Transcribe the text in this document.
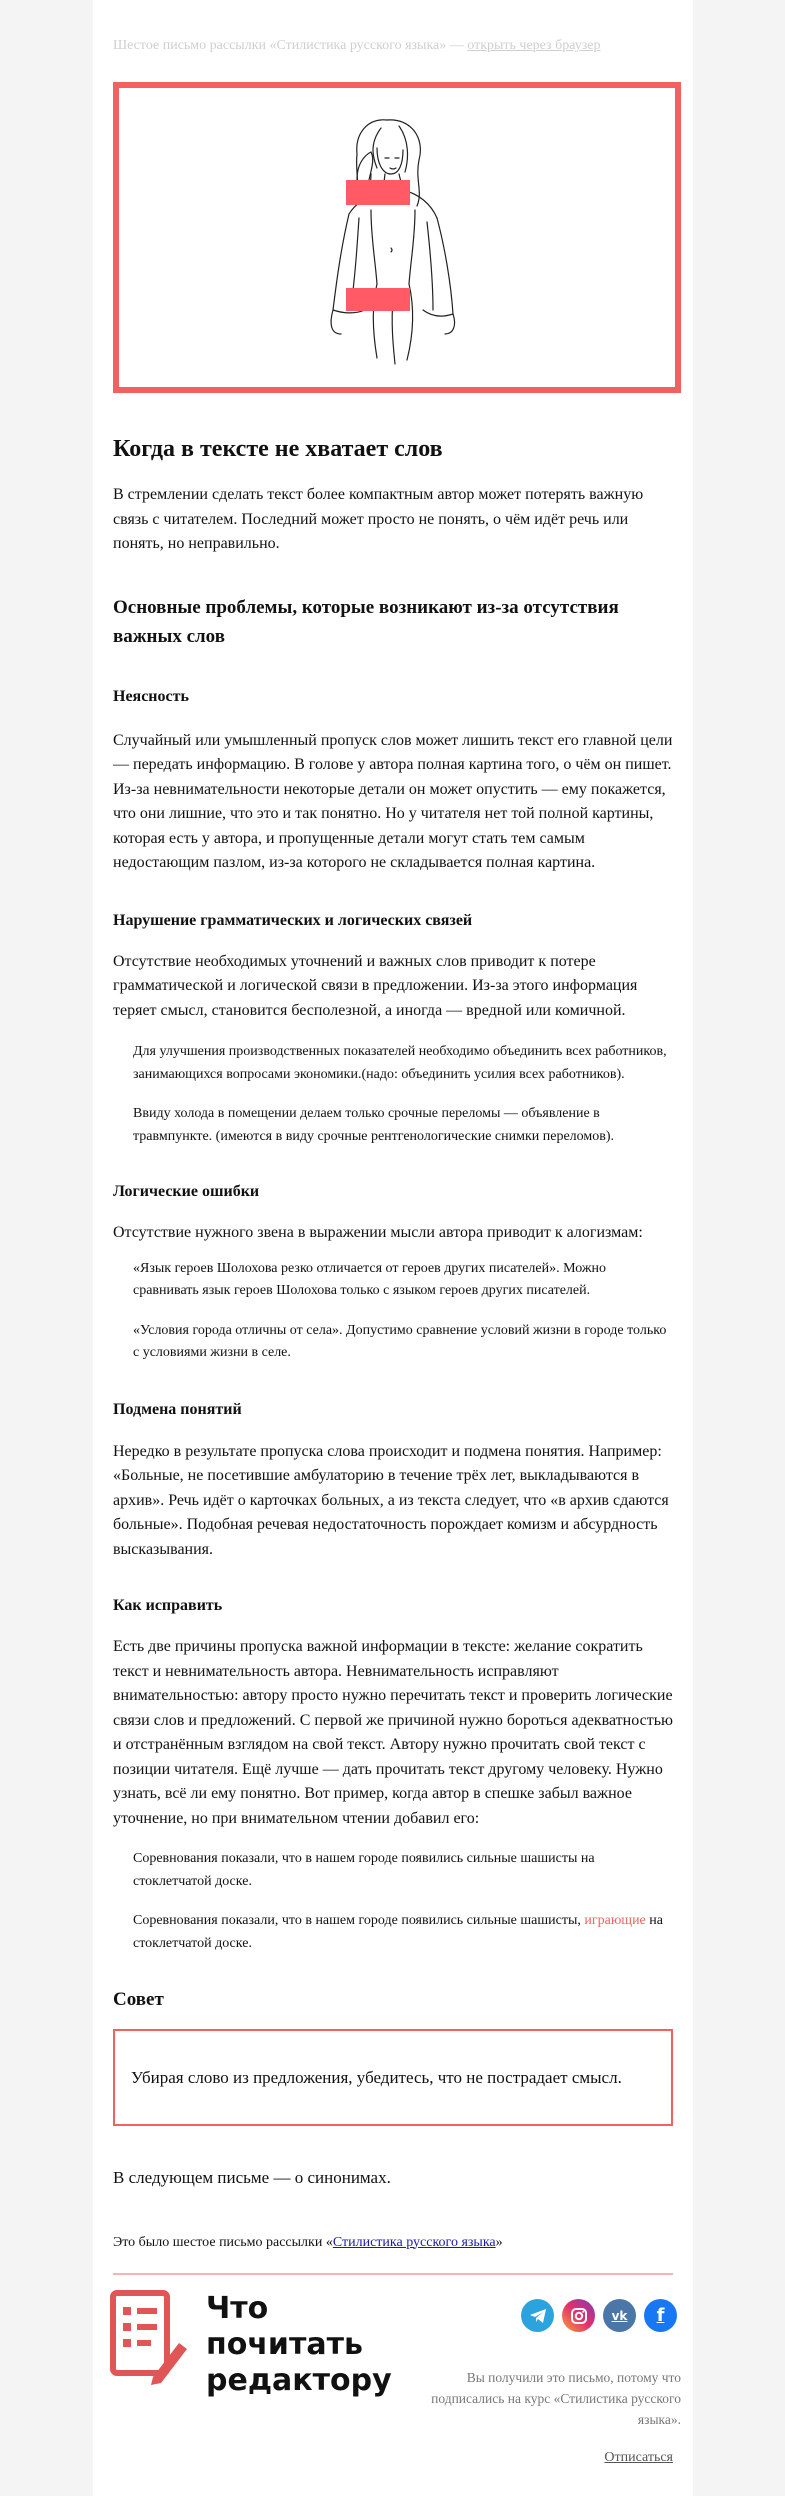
Шестое письмо рассылки «Стилистика русского языка» — открыть через браузер

Когда в тексте не хватает слов

В стремлении сделать текст более компактным автор может потерять важную связь с читателем. Последний может просто не понять, о чём идёт речь или понять, но неправильно.

Основные проблемы, которые возникают из-за отсутствия важных слов
Неясность

Случайный или умышленный пропуск слов может лишить текст его главной цели — передать информацию. В голове у автора полная картина того, о чём он пишет. Из-за невнимательности некоторые детали он может опустить — ему покажется, что они лишние, что это и так понятно. Но у читателя нет той полной картины, которая есть у автора, и пропущенные детали могут стать тем самым недостающим пазлом, из-за которого не складывается полная картина.

Нарушение грамматических и логических связей

Отсутствие необходимых уточнений и важных слов приводит к потере грамматической и логической связи в предложении. Из-за этого информация теряет смысл, становится бесполезной, а иногда — вредной или комичной.

Для улучшения производственных показателей необходимо объединить всех работников, занимающихся вопросами экономики.(надо: объединить усилия всех работников).

Ввиду холода в помещении делаем только срочные переломы — объявление в травмпункте. (имеются в виду срочные рентгенологические снимки переломов).

Логические ошибки

Отсутствие нужного звена в выражении мысли автора приводит к алогизмам:

«Язык героев Шолохова резко отличается от героев других писателей». Можно сравнивать язык героев Шолохова только с языком героев других писателей.

«Условия города отличны от села». Допустимо сравнение условий жизни в городе только с условиями жизни в селе.

Подмена понятий

Нередко в результате пропуска слова происходит и подмена понятия. Например: «Больные, не посетившие амбулаторию в течение трёх лет, выкладываются в архив». Речь идёт о карточках больных, а из текста следует, что «в архив сдаются больные». Подобная речевая недостаточность порождает комизм и абсурдность высказывания.

Как исправить

Есть две причины пропуска важной информации в тексте: желание сократить текст и невнимательность автора. Невнимательность исправляют внимательностью: автору просто нужно перечитать текст и проверить логические связи слов и предложений. С первой же причиной нужно бороться адекватностью и отстранённым взглядом на свой текст. Автору нужно прочитать свой текст с позиции читателя. Ещё лучше — дать прочитать текст другому человеку. Нужно узнать, всё ли ему понятно. Вот пример, когда автор в спешке забыл важное уточнение, но при внимательном чтении добавил его:

Соревнования показали, что в нашем городе появились сильные шашисты на стоклетчатой доске.

Соревнования показали, что в нашем городе появились сильные шашисты, играющие на стоклетчатой доске.

Совет
Убирая слово из предложения, убедитесь, что не пострадает смысл.

В следующем письме — о синонимах.

Это было шестое письмо рассылки «Стилистика русского языка»

Что
почитать
редактору
vk	f
Вы получили это письмо, потому что подписались на курс «Стилистика русского языка».
Отписаться
